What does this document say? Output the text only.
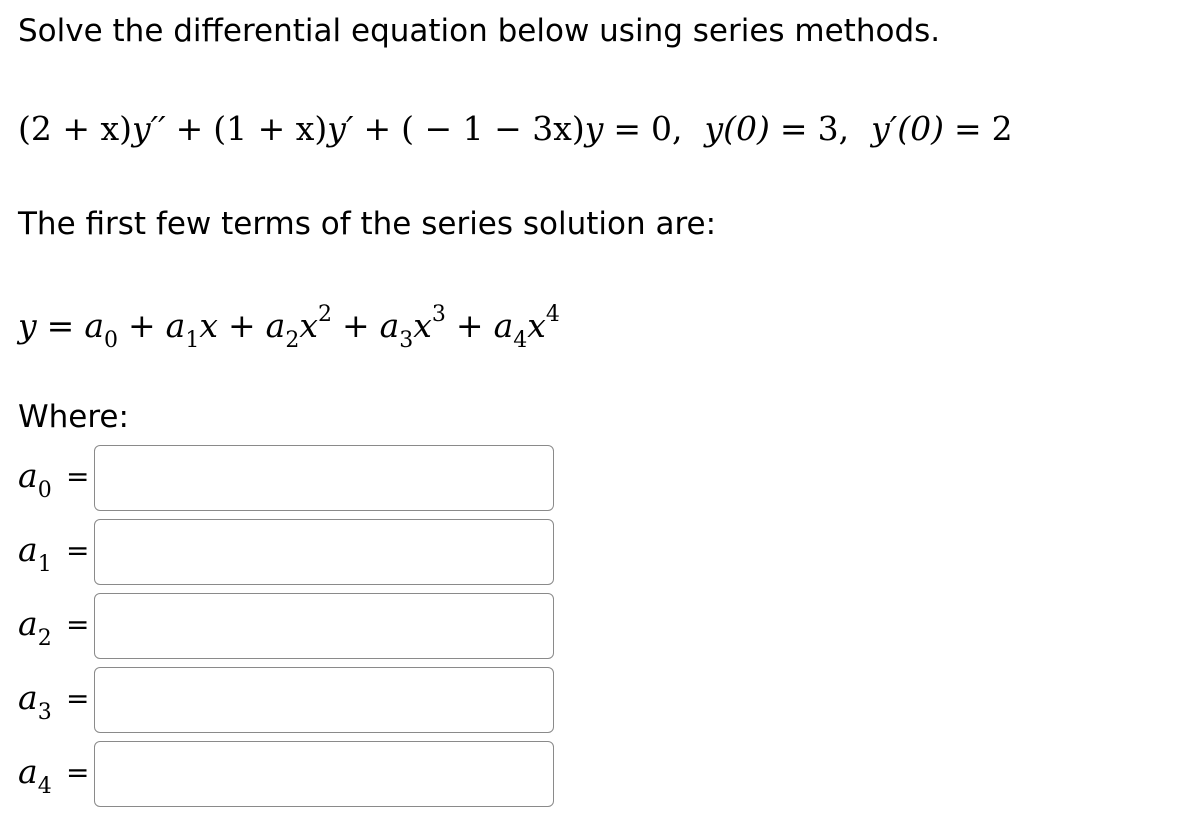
Solve the differential equation below using series methods.
(2 + x)y′′ + (1 + x)y′ + ( − 1 − 3x)y = 0, y(0) = 3, y′(0) = 2
The first few terms of the series solution are:
$y = a_0 + a_1x + a_2x^2 + a_3x^3 + a_4x^4$
Where:
$a_0$ =
$a_1$ =
$a_2$ =
$a_3$ =
$a_4$ =
